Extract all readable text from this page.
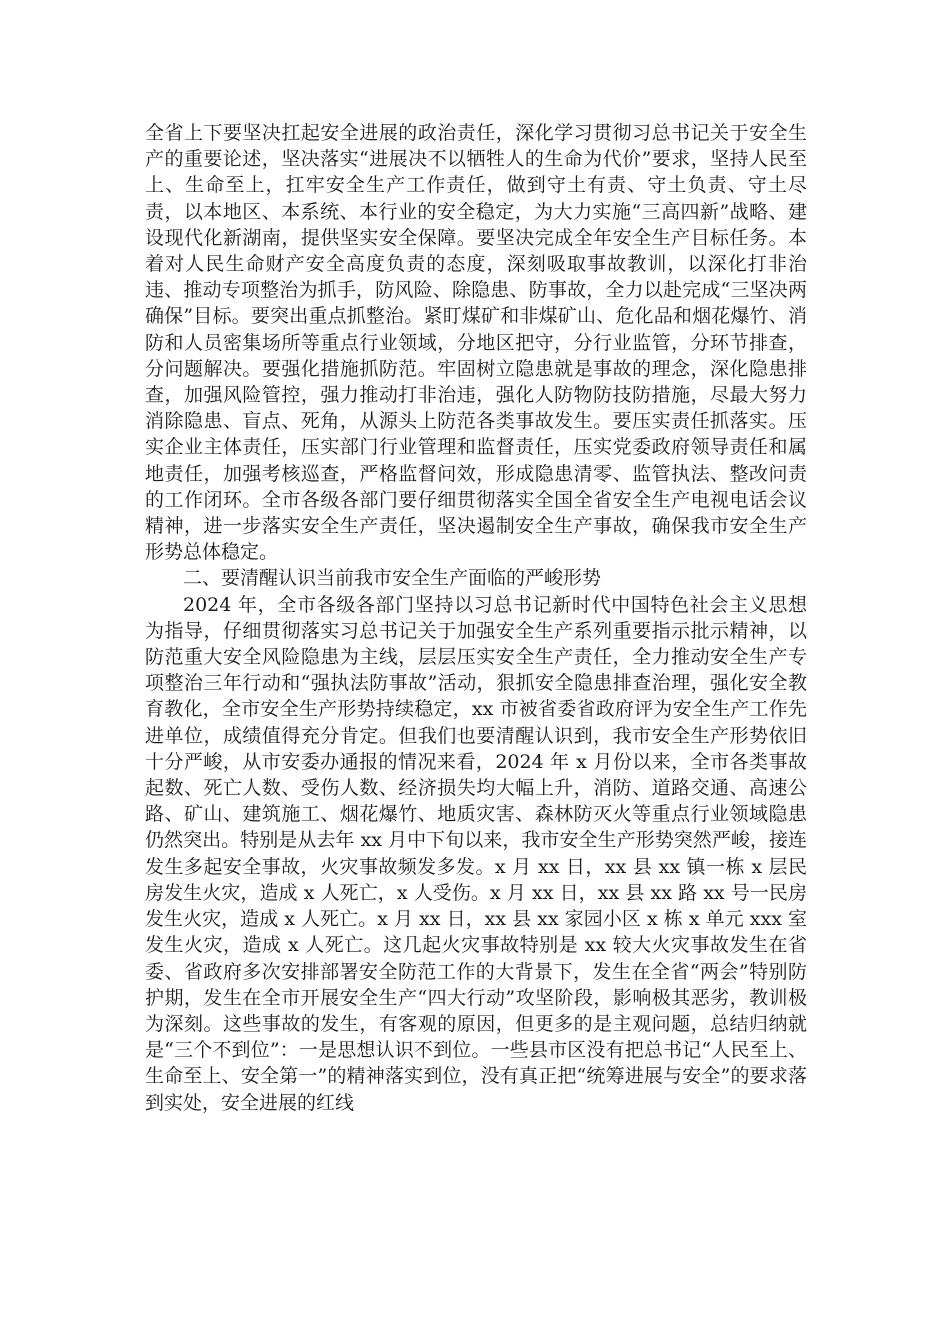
全省上下要坚决扛起安全进展的政治责任，深化学习贯彻习总书记关于安全生产的重要论述，坚决落实“进展决不以牺牲人的生命为代价”要求，坚持人民至上、生命至上，扛牢安全生产工作责任，做到守土有责、守土负责、守土尽责，以本地区、本系统、本行业的安全稳定，为大力实施“三高四新”战略、建设现代化新湖南，提供坚实安全保障。要坚决完成全年安全生产目标任务。本着对人民生命财产安全高度负责的态度，深刻吸取事故教训，以深化打非治违、推动专项整治为抓手，防风险、除隐患、防事故，全力以赴完成“三坚决两确保”目标。要突出重点抓整治。紧盯煤矿和非煤矿山、危化品和烟花爆竹、消防和人员密集场所等重点行业领域，分地区把守，分行业监管，分环节排查，分问题解决。要强化措施抓防范。牢固树立隐患就是事故的理念，深化隐患排查，加强风险管控，强力推动打非治违，强化人防物防技防措施，尽最大努力消除隐患、盲点、死角，从源头上防范各类事故发生。要压实责任抓落实。压实企业主体责任，压实部门行业管理和监督责任，压实党委政府领导责任和属地责任，加强考核巡查，严格监督问效，形成隐患清零、监管执法、整改问责的工作闭环。全市各级各部门要仔细贯彻落实全国全省安全生产电视电话会议精神，进一步落实安全生产责任，坚决遏制安全生产事故，确保我市安全生产形势总体稳定。

二、要清醒认识当前我市安全生产面临的严峻形势

2024 年，全市各级各部门坚持以习总书记新时代中国特色社会主义思想为指导，仔细贯彻落实习总书记关于加强安全生产系列重要指示批示精神，以防范重大安全风险隐患为主线，层层压实安全生产责任，全力推动安全生产专项整治三年行动和“强执法防事故”活动，狠抓安全隐患排查治理，强化安全教育教化，全市安全生产形势持续稳定，xx 市被省委省政府评为安全生产工作先进单位，成绩值得充分肯定。但我们也要清醒认识到，我市安全生产形势依旧十分严峻，从市安委办通报的情况来看，2024 年 x 月份以来，全市各类事故起数、死亡人数、受伤人数、经济损失均大幅上升，消防、道路交通、高速公路、矿山、建筑施工、烟花爆竹、地质灾害、森林防灭火等重点行业领域隐患仍然突出。特别是从去年 xx 月中下旬以来，我市安全生产形势突然严峻，接连发生多起安全事故，火灾事故频发多发。x 月 xx 日，xx 县 xx 镇一栋 x 层民房发生火灾，造成 x 人死亡，x 人受伤。x 月 xx 日，xx 县 xx 路 xx 号一民房发生火灾，造成 x 人死亡。x 月 xx 日，xx 县 xx 家园小区 x 栋 x 单元 xxx 室发生火灾，造成 x 人死亡。这几起火灾事故特别是 xx 较大火灾事故发生在省委、省政府多次安排部署安全防范工作的大背景下，发生在全省“两会”特别防护期，发生在全市开展安全生产“四大行动”攻坚阶段，影响极其恶劣，教训极为深刻。这些事故的发生，有客观的原因，但更多的是主观问题，总结归纳就是“三个不到位”：一是思想认识不到位。一些县市区没有把总书记“人民至上、生命至上、安全第一”的精神落实到位，没有真正把“统筹进展与安全”的要求落到实处，安全进展的红线
